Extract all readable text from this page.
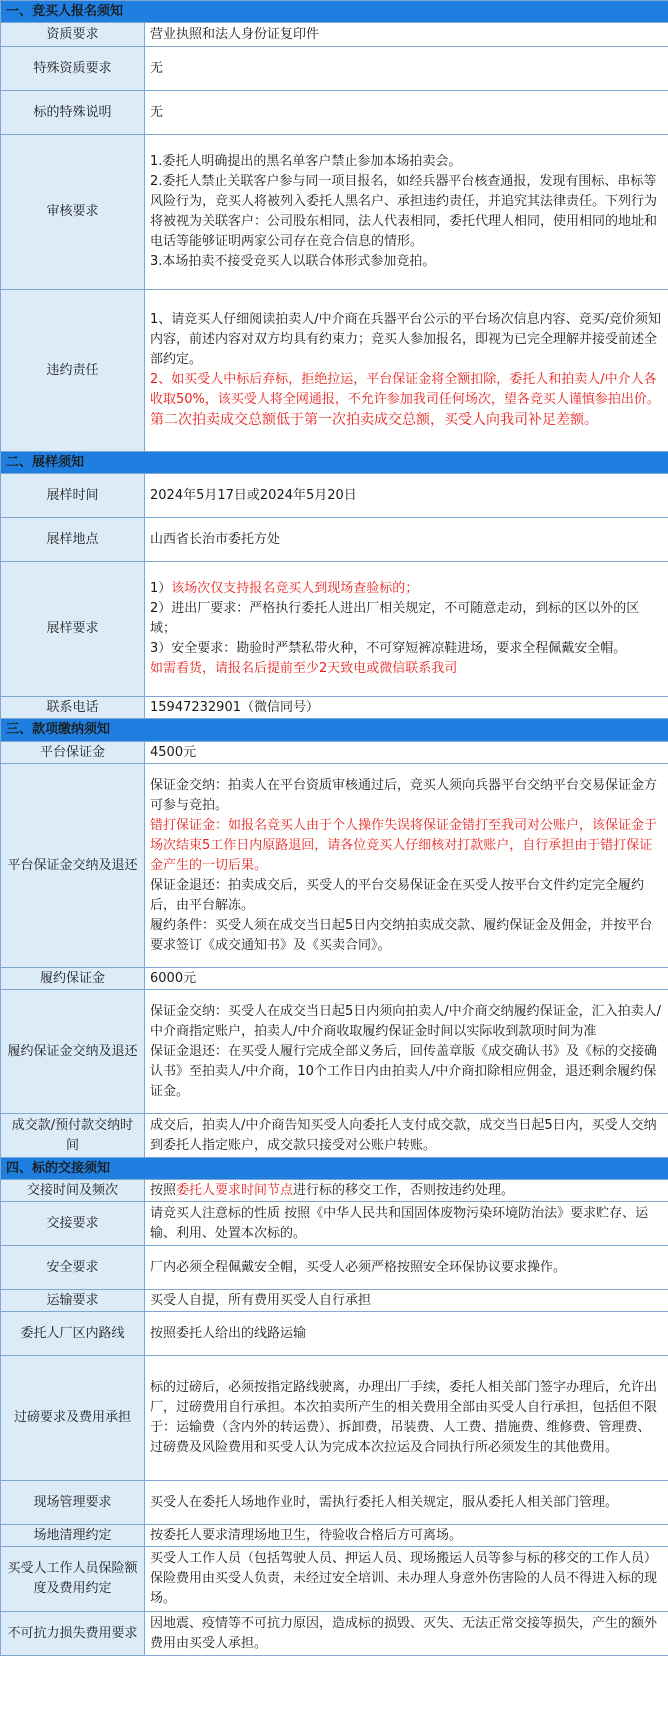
一、竞买人报名须知	
资质要求	营业执照和法人身份证复印件
特殊资质要求	无
标的特殊说明	无
审核要求	1.委托人明确提出的黑名单客户禁止参加本场拍卖会。
2.委托人禁止关联客户参与同一项目报名，如经兵器平台核查通报，发现有围标、串标等风险行为，竞买人将被列入委托人黑名户、承担违约责任，并追究其法律责任。下列行为将被视为关联客户：公司股东相同，法人代表相同，委托代理人相同，使用相同的地址和电话等能够证明两家公司存在竞合信息的情形。
3.本场拍卖不接受竞买人以联合体形式参加竞拍。

违约责任	1、请竞买人仔细阅读拍卖人/中介商在兵器平台公示的平台场次信息内容、竞买/竞价须知内容，前述内容对双方均具有约束力；竞买人参加报名，即视为已完全理解并接受前述全部约定。
2、如买受人中标后弃标，拒绝拉运，平台保证金将全额扣除，委托人和拍卖人/中介人各收取50%，该买受人将全网通报，不允许参加我司任何场次，望各竞买人谨慎参拍出价。第二次拍卖成交总额低于第一次拍卖成交总额，买受人向我司补足差额。

二、展样须知	
展样时间	2024年5月17日或2024年5月20日
展样地点	山西省长治市委托方处
展样要求	1）该场次仅支持报名竞买人到现场查验标的；
2）进出厂要求：严格执行委托人进出厂相关规定，不可随意走动，到标的区以外的区域；
3）安全要求：勘验时严禁私带火种，不可穿短裤凉鞋进场，要求全程佩戴安全帽。
如需看货，请报名后提前至少2天致电或微信联系我司

联系电话	15947232901（微信同号）
三、款项缴纳须知	
平台保证金	4500元
平台保证金交纳及退还	保证金交纳：拍卖人在平台资质审核通过后，竞买人须向兵器平台交纳平台交易保证金方可参与竞拍。
错打保证金：如报名竞买人由于个人操作失误将保证金错打至我司对公账户，该保证金于场次结束5工作日内原路退回，请各位竞买人仔细核对打款账户，自行承担由于错打保证金产生的一切后果。
保证金退还：拍卖成交后，买受人的平台交易保证金在买受人按平台文件约定完全履约后，由平台解冻。
履约条件：买受人须在成交当日起5日内交纳拍卖成交款、履约保证金及佣金，并按平台要求签订《成交通知书》及《买卖合同》。

履约保证金	6000元
履约保证金交纳及退还	保证金交纳：买受人在成交当日起5日内须向拍卖人/中介商交纳履约保证金，汇入拍卖人/中介商指定账户，拍卖人/中介商收取履约保证金时间以实际收到款项时间为准
保证金退还：在买受人履行完成全部义务后，回传盖章版《成交确认书》及《标的交接确认书》至拍卖人/中介商，10个工作日内由拍卖人/中介商扣除相应佣金，退还剩余履约保证金。

成交款/预付款交纳时间	成交后，拍卖人/中介商告知买受人向委托人支付成交款，成交当日起5日内，买受人交纳到委托人指定账户，成交款只接受对公账户转账。
四、标的交接须知	
交接时间及频次	按照委托人要求时间节点进行标的移交工作，否则按违约处理。
交接要求	请竞买人注意标的性质 按照《中华人民共和国固体废物污染环境防治法》要求贮存、运输、利用、处置本次标的。
安全要求	厂内必须全程佩戴安全帽，买受人必须严格按照安全环保协议要求操作。
运输要求	买受人自提，所有费用买受人自行承担
委托人厂区内路线	按照委托人给出的线路运输
过磅要求及费用承担	标的过磅后，必须按指定路线驶离，办理出厂手续，委托人相关部门签字办理后，允许出厂，过磅费用自行承担。本次拍卖所产生的相关费用全部由买受人自行承担，包括但不限于：运输费（含内外的转运费）、拆卸费，吊装费、人工费、措施费、维修费、管理费、过磅费及风险费用和买受人认为完成本次拉运及合同执行所必须发生的其他费用。
现场管理要求	买受人在委托人场地作业时，需执行委托人相关规定，服从委托人相关部门管理。
场地清理约定	按委托人要求清理场地卫生，待验收合格后方可离场。
买受人工作人员保险额度及费用约定	买受人工作人员（包括驾驶人员、押运人员、现场搬运人员等参与标的移交的工作人员）保险费用由买受人负责，未经过安全培训、未办理人身意外伤害险的人员不得进入标的现场。
不可抗力损失费用要求	因地震、疫情等不可抗力原因，造成标的损毁、灭失、无法正常交接等损失，产生的额外费用由买受人承担。
